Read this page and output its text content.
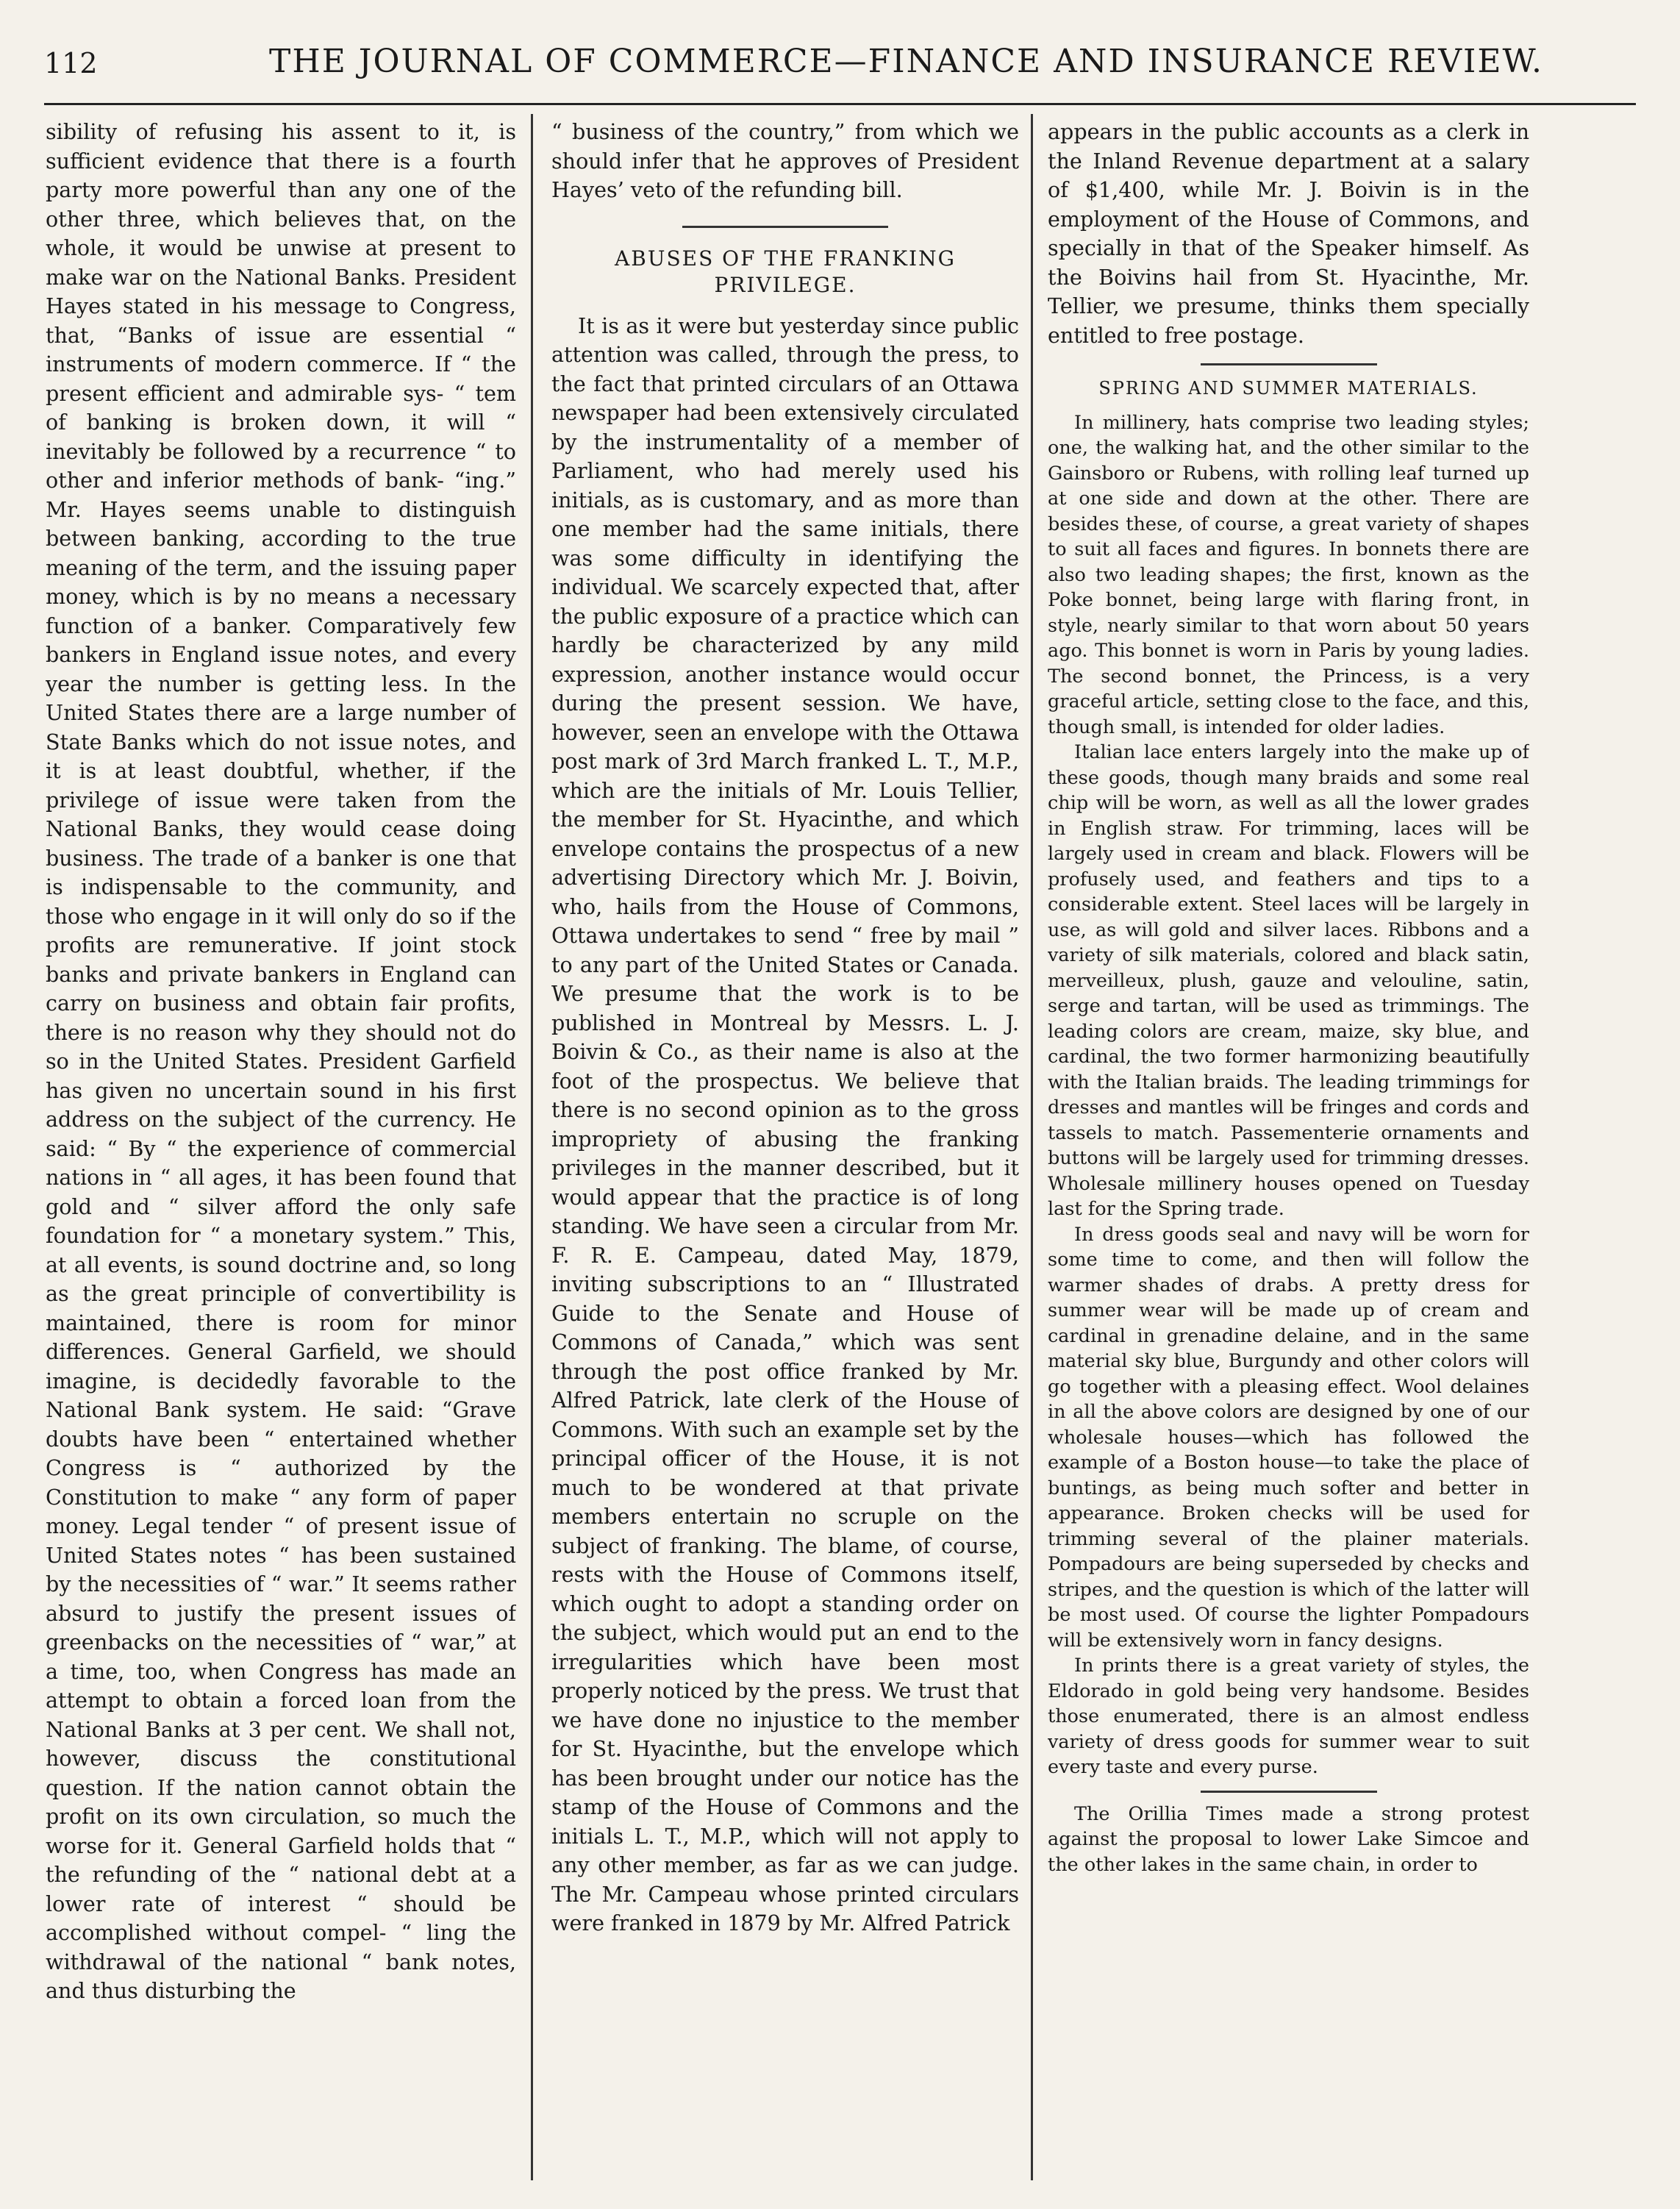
112	THE JOURNAL OF COMMERCE—FINANCE AND INSURANCE REVIEW.

sibility of refusing his assent to it, is sufficient evidence that there is a fourth party more powerful than any one of the other three, which believes that, on the whole, it would be unwise at present to make war on the National Banks. President Hayes stated in his message to Congress, that, “Banks of issue are essential “ instruments of modern commerce. If “ the present efficient and admirable sys- “ tem of banking is broken down, it will “ inevitably be followed by a recurrence “ to other and inferior methods of bank- “ing.” Mr. Hayes seems unable to distinguish between banking, according to the true meaning of the term, and the issuing paper money, which is by no means a necessary function of a banker. Comparatively few bankers in England issue notes, and every year the number is getting less. In the United States there are a large number of State Banks which do not issue notes, and it is at least doubtful, whether, if the privilege of issue were taken from the National Banks, they would cease doing business. The trade of a banker is one that is indispensable to the community, and those who engage in it will only do so if the profits are remunerative. If joint stock banks and private bankers in England can carry on business and obtain fair profits, there is no reason why they should not do so in the United States. President Garfield has given no uncertain sound in his first address on the subject of the currency. He said: “ By “ the experience of commercial nations in “ all ages, it has been found that gold and “ silver afford the only safe foundation for “ a monetary system.” This, at all events, is sound doctrine and, so long as the great principle of convertibility is maintained, there is room for minor differences. General Garfield, we should imagine, is decidedly favorable to the National Bank system. He said: “Grave doubts have been “ entertained whether Congress is “ authorized by the Constitution to make “ any form of paper money. Legal tender “ of present issue of United States notes “ has been sustained by the necessities of “ war.” It seems rather absurd to justify the present issues of greenbacks on the necessities of “ war,” at a time, too, when Congress has made an attempt to obtain a forced loan from the National Banks at 3 per cent. We shall not, however, discuss the constitutional question. If the nation cannot obtain the profit on its own circulation, so much the worse for it. General Garfield holds that “ the refunding of the “ national debt at a lower rate of interest “ should be accomplished without compel- “ ling the withdrawal of the national “ bank notes, and thus disturbing the

“ business of the country,” from which we should infer that he approves of President Hayes’ veto of the refunding bill.

ABUSES OF THE FRANKING PRIVILEGE.

It is as it were but yesterday since public attention was called, through the press, to the fact that printed circulars of an Ottawa newspaper had been extensively circulated by the instrumentality of a member of Parliament, who had merely used his initials, as is customary, and as more than one member had the same initials, there was some difficulty in identifying the individual. We scarcely expected that, after the public exposure of a practice which can hardly be characterized by any mild expression, another instance would occur during the present session. We have, however, seen an envelope with the Ottawa post mark of 3rd March franked L. T., M.P., which are the initials of Mr. Louis Tellier, the member for St. Hyacinthe, and which envelope contains the prospectus of a new advertising Directory which Mr. J. Boivin, who, hails from the House of Commons, Ottawa undertakes to send “ free by mail ” to any part of the United States or Canada. We presume that the work is to be published in Montreal by Messrs. L. J. Boivin & Co., as their name is also at the foot of the prospectus. We believe that there is no second opinion as to the gross impropriety of abusing the franking privileges in the manner described, but it would appear that the practice is of long standing. We have seen a circular from Mr. F. R. E. Campeau, dated May, 1879, inviting subscriptions to an “ Illustrated Guide to the Senate and House of Commons of Canada,” which was sent through the post office franked by Mr. Alfred Patrick, late clerk of the House of Commons. With such an example set by the principal officer of the House, it is not much to be wondered at that private members entertain no scruple on the subject of franking. The blame, of course, rests with the House of Commons itself, which ought to adopt a standing order on the subject, which would put an end to the irregularities which have been most properly noticed by the press. We trust that we have done no injustice to the member for St. Hyacinthe, but the envelope which has been brought under our notice has the stamp of the House of Commons and the initials L. T., M.P., which will not apply to any other member, as far as we can judge. The Mr. Campeau whose printed circulars were franked in 1879 by Mr. Alfred Patrick

appears in the public accounts as a clerk in the Inland Revenue department at a salary of $1,400, while Mr. J. Boivin is in the employment of the House of Commons, and specially in that of the Speaker himself. As the Boivins hail from St. Hyacinthe, Mr. Tellier, we presume, thinks them specially entitled to free postage.

SPRING AND SUMMER MATERIALS.

In millinery, hats comprise two leading styles; one, the walking hat, and the other similar to the Gainsboro or Rubens, with rolling leaf turned up at one side and down at the other. There are besides these, of course, a great variety of shapes to suit all faces and figures. In bonnets there are also two leading shapes; the first, known as the Poke bonnet, being large with flaring front, in style, nearly similar to that worn about 50 years ago. This bonnet is worn in Paris by young ladies. The second bonnet, the Princess, is a very graceful article, setting close to the face, and this, though small, is intended for older ladies.

Italian lace enters largely into the make up of these goods, though many braids and some real chip will be worn, as well as all the lower grades in English straw. For trimming, laces will be largely used in cream and black. Flowers will be profusely used, and feathers and tips to a considerable extent. Steel laces will be largely in use, as will gold and silver laces. Ribbons and a variety of silk materials, colored and black satin, merveilleux, plush, gauze and velouline, satin, serge and tartan, will be used as trimmings. The leading colors are cream, maize, sky blue, and cardinal, the two former harmonizing beautifully with the Italian braids. The leading trimmings for dresses and mantles will be fringes and cords and tassels to match. Passementerie ornaments and buttons will be largely used for trimming dresses. Wholesale millinery houses opened on Tuesday last for the Spring trade.

In dress goods seal and navy will be worn for some time to come, and then will follow the warmer shades of drabs. A pretty dress for summer wear will be made up of cream and cardinal in grenadine delaine, and in the same material sky blue, Burgundy and other colors will go together with a pleasing effect. Wool delaines in all the above colors are designed by one of our wholesale houses—which has followed the example of a Boston house—to take the place of buntings, as being much softer and better in appearance. Broken checks will be used for trimming several of the plainer materials. Pompadours are being superseded by checks and stripes, and the question is which of the latter will be most used. Of course the lighter Pompadours will be extensively worn in fancy designs.

In prints there is a great variety of styles, the Eldorado in gold being very handsome. Besides those enumerated, there is an almost endless variety of dress goods for summer wear to suit every taste and every purse.

The Orillia Times made a strong protest against the proposal to lower Lake Simcoe and the other lakes in the same chain, in order to
